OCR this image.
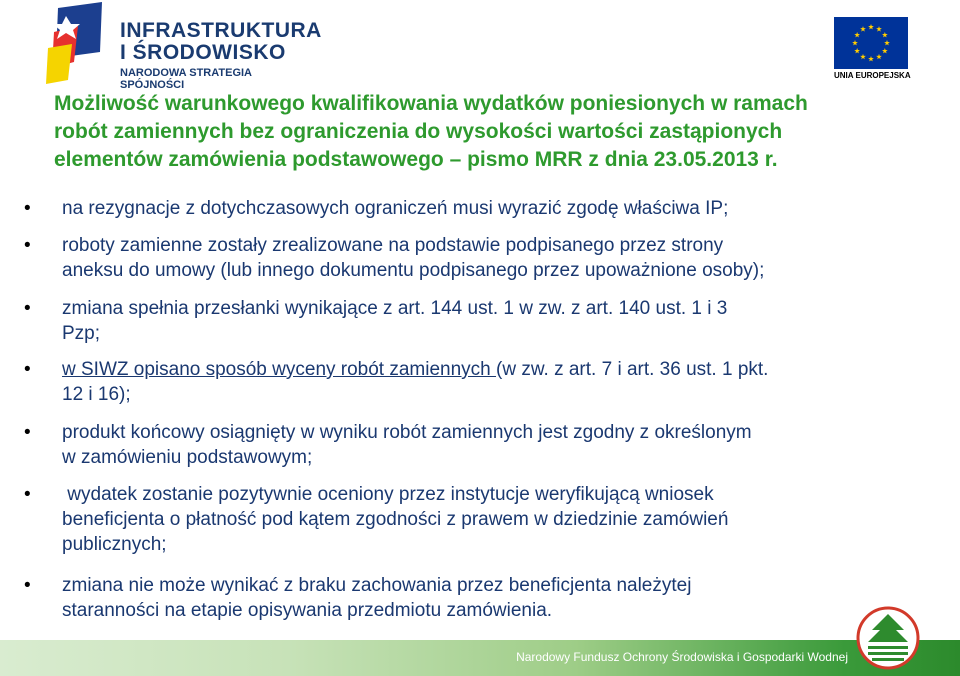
INFRASTRUKTURA
I ŚRODOWISKO
NARODOWA STRATEGIA SPÓJNOŚCI
UNIA EUROPEJSKA
Możliwość warunkowego kwalifikowania wydatków poniesionych w ramach
robót zamiennych bez ograniczenia do wysokości wartości zastąpionych
elementów zamówienia podstawowego – pismo MRR z dnia 23.05.2013 r.
• na rezygnacje z dotychczasowych ograniczeń musi wyrazić zgodę właściwa IP;
• roboty zamienne zostały zrealizowane na podstawie podpisanego przez strony
aneksu do umowy (lub innego dokumentu podpisanego przez upoważnione osoby);
• zmiana spełnia przesłanki wynikające z art. 144 ust. 1 w zw. z art. 140 ust. 1 i 3
Pzp;
• w SIWZ opisano sposób wyceny robót zamiennych (w zw. z art. 7 i art. 36 ust. 1 pkt.
12 i 16);
• produkt końcowy osiągnięty w wyniku robót zamiennych jest zgodny z określonym
w zamówieniu podstawowym;
• wydatek zostanie pozytywnie oceniony przez instytucje weryfikującą wniosek
beneficjenta o płatność pod kątem zgodności z prawem w dziedzinie zamówień
publicznych;
• zmiana nie może wynikać z braku zachowania przez beneficjenta należytej
staranności na etapie opisywania przedmiotu zamówienia.
Narodowy Fundusz Ochrony Środowiska i Gospodarki Wodnej
